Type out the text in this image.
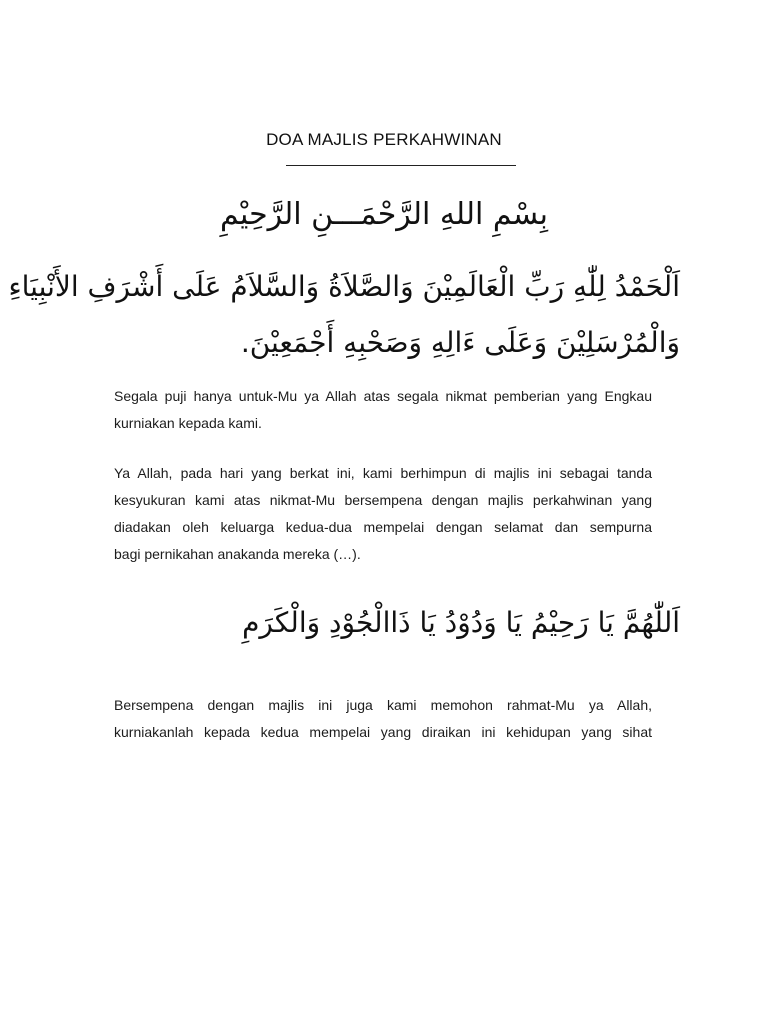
DOA MAJLIS PERKAHWINAN
بِسْمِ اللهِ الرَّحْمَـــنِ الرَّحِيْمِ
اَلْحَمْدُ لِلّٰهِ رَبِّ الْعَالَمِيْنَ وَالصَّلاَةُ وَالسَّلاَمُ عَلَى أَشْرَفِ الأَنْبِيَاءِ
وَالْمُرْسَلِيْنَ وَعَلَى ءَالِهِ وَصَحْبِهِ أَجْمَعِيْنَ.
Segala puji hanya untuk-Mu ya Allah atas segala nikmat pemberian yang Engkau
kurniakan kepada kami.
Ya Allah, pada hari yang berkat ini, kami berhimpun di majlis ini sebagai tanda
kesyukuran kami atas nikmat-Mu bersempena dengan majlis perkahwinan yang
diadakan oleh keluarga kedua-dua mempelai dengan selamat dan sempurna
bagi pernikahan anakanda mereka (…).
اَللّٰهُمَّ يَا رَحِيْمُ يَا وَدُوْدُ يَا ذَاالْجُوْدِ وَالْكَرَمِ
Bersempena dengan majlis ini juga kami memohon rahmat-Mu ya Allah,
kurniakanlah kepada kedua mempelai yang diraikan ini kehidupan yang sihat
